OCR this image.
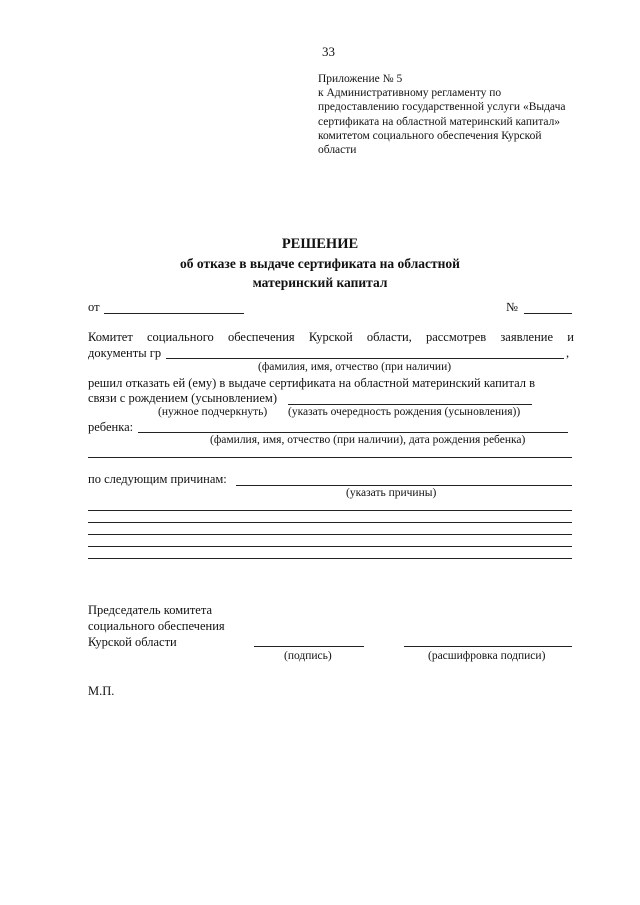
33
Приложение № 5
к Административному регламенту по
предоставлению государственной услуги «Выдача
сертификата на областной материнский капитал»
комитетом социального обеспечения Курской
области
РЕШЕНИЕ
об отказе в выдаче сертификата на областной
материнский капитал
от	№
Комитет социального обеспечения Курской области, рассмотрев заявление и
документы гр	,
(фамилия, имя, отчество (при наличии)
решил отказать ей (ему) в выдаче сертификата на областной материнский капитал в
связи с рождением (усыновлением)
(нужное подчеркнуть) (указать очередность рождения (усыновления))
ребенка:
(фамилия, имя, отчество (при наличии), дата рождения ребенка)
по следующим причинам:
(указать причины)
Председатель комитета
социального обеспечения
Курской области
(подпись)	(расшифровка подписи)
М.П.
